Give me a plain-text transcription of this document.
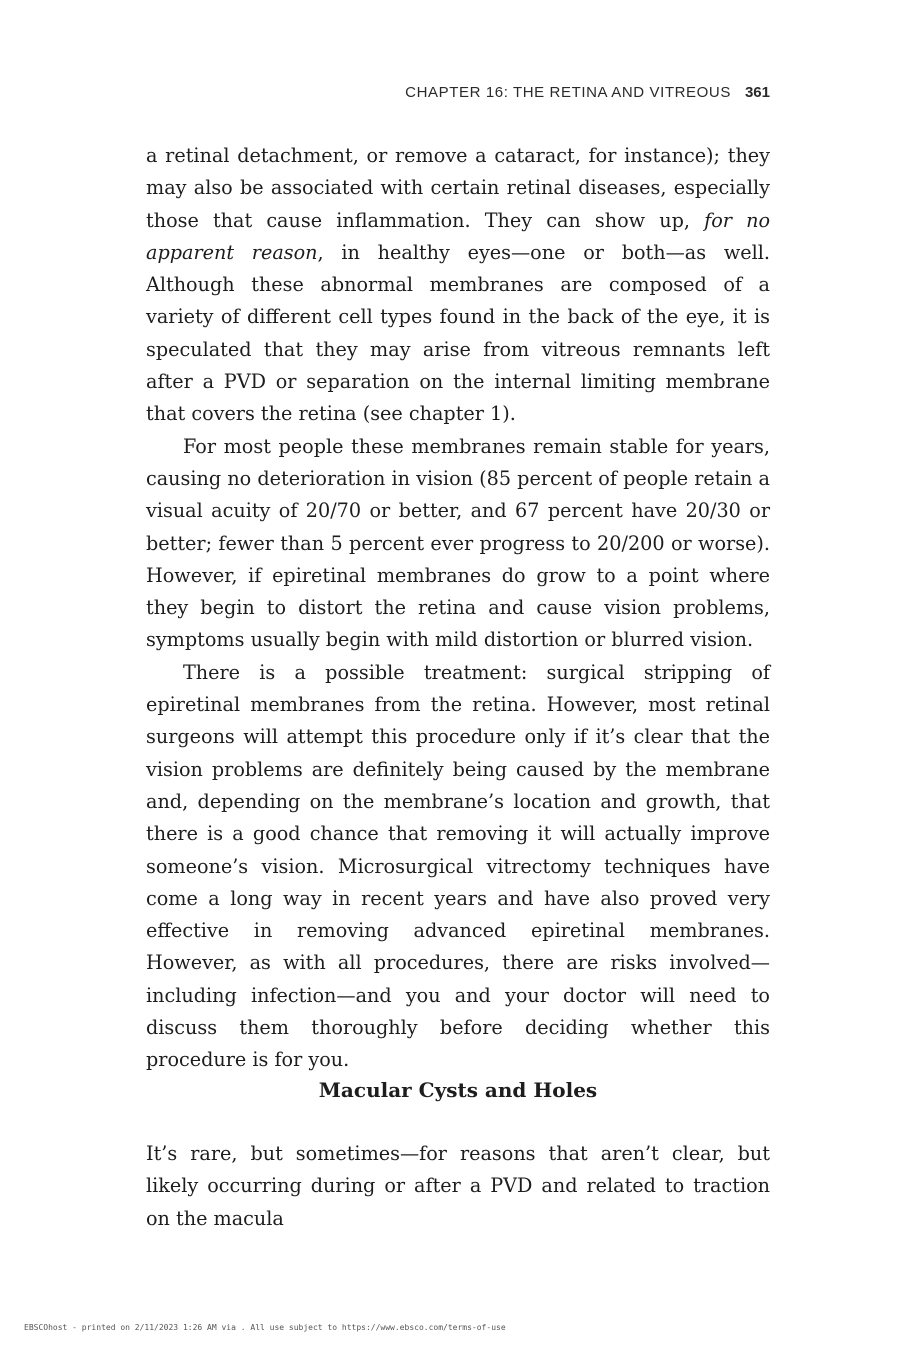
CHAPTER 16: THE RETINA AND VITREOUS 361

a retinal detachment, or remove a cataract, for instance); they may also be associated with certain retinal diseases, especially those that cause inflammation. They can show up, for no apparent reason, in healthy eyes—one or both—as well. Although these abnormal membranes are composed of a variety of different cell types found in the back of the eye, it is speculated that they may arise from vitreous remnants left after a PVD or separation on the internal limiting membrane that covers the retina (see chapter 1).

For most people these membranes remain stable for years, causing no deterioration in vision (85 percent of people retain a visual acuity of 20/70 or better, and 67 percent have 20/30 or better; fewer than 5 percent ever progress to 20/200 or worse). However, if epiretinal membranes do grow to a point where they begin to distort the retina and cause vision problems, symptoms usually begin with mild distortion or blurred vision.

There is a possible treatment: surgical stripping of epiretinal membranes from the retina. However, most retinal surgeons will attempt this procedure only if it’s clear that the vision problems are definitely being caused by the membrane and, depending on the membrane’s location and growth, that there is a good chance that removing it will actually improve someone’s vision. Microsurgical vitrectomy techniques have come a long way in recent years and have also proved very effective in removing advanced epiretinal membranes. However, as with all procedures, there are risks involved—including infection—and you and your doctor will need to discuss them thoroughly before deciding whether this procedure is for you.

Macular Cysts and Holes

It’s rare, but sometimes—for reasons that aren’t clear, but likely occurring during or after a PVD and related to traction on the macula

EBSCOhost - printed on 2/11/2023 1:26 AM via . All use subject to https://www.ebsco.com/terms-of-use
